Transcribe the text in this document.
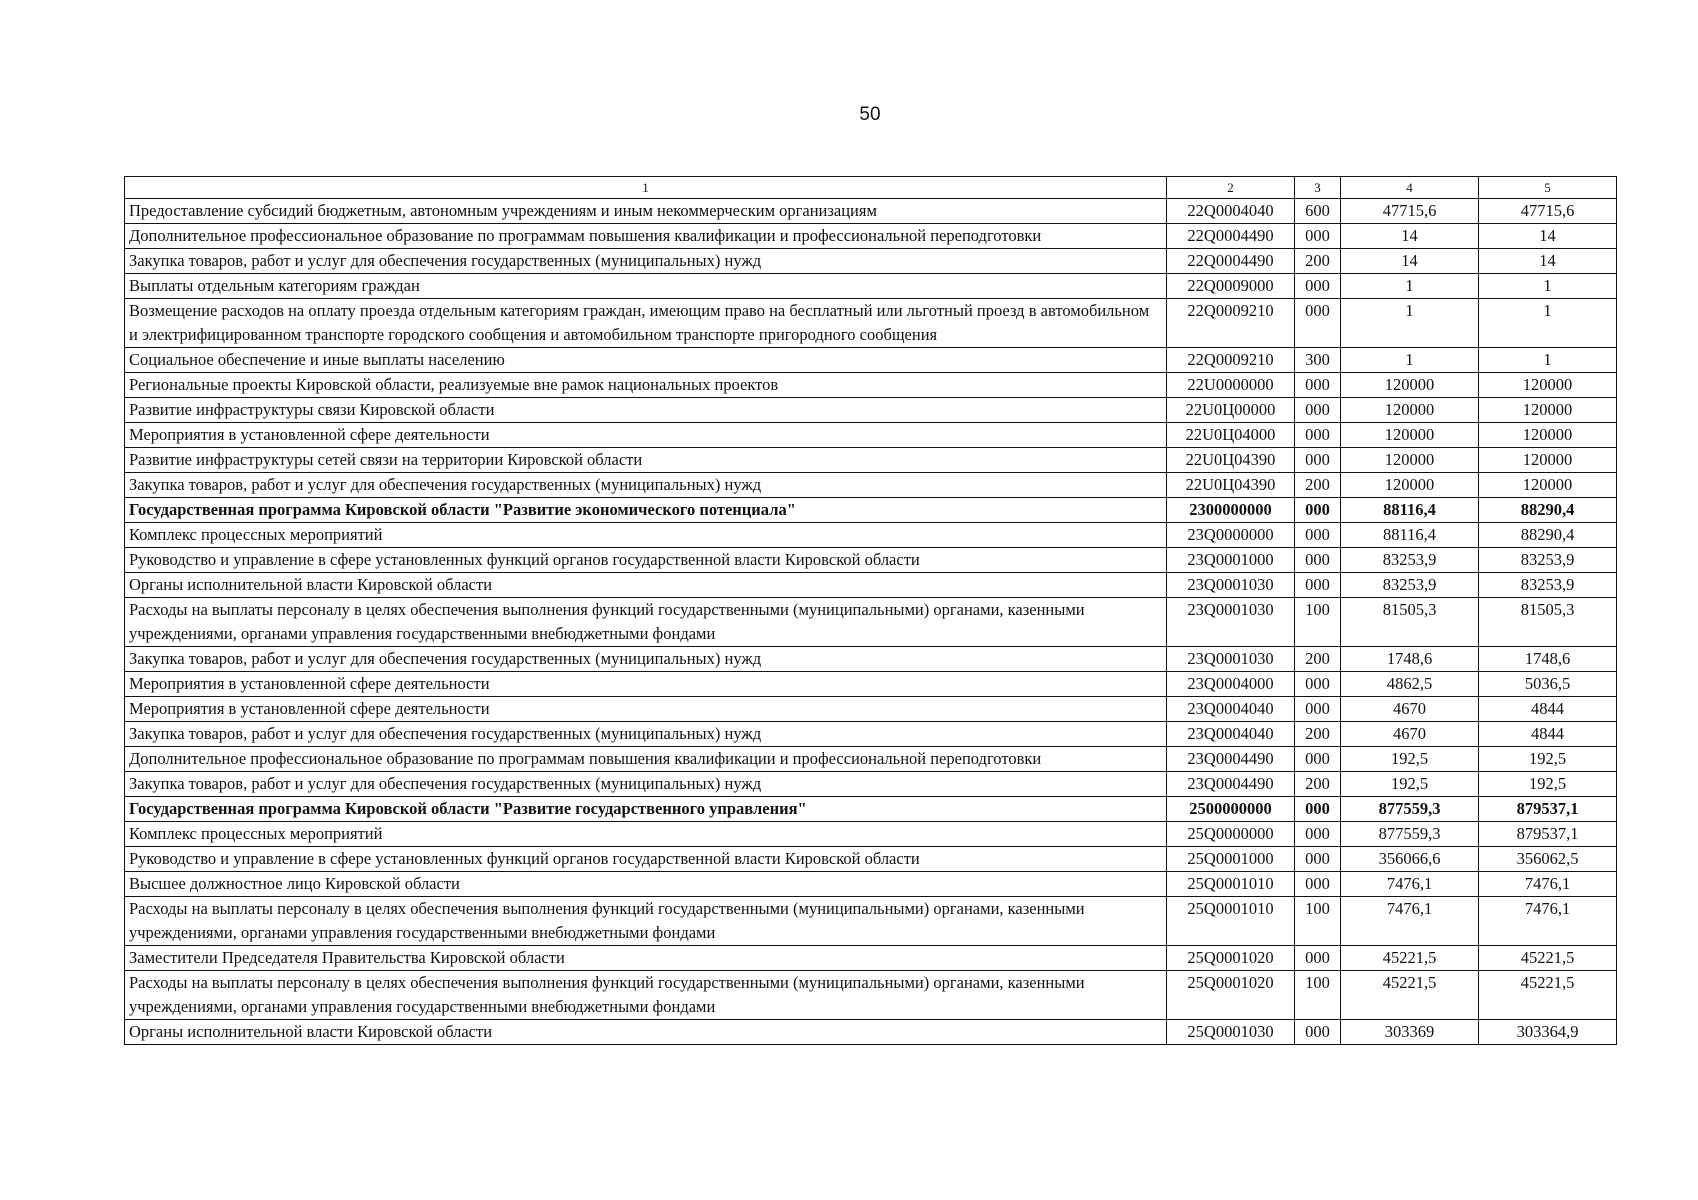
50
1	2	3	4	5
Предоставление субсидий бюджетным, автономным учреждениям и иным некоммерческим организациям	22Q0004040	600	47715,6	47715,6
Дополнительное профессиональное образование по программам повышения квалификации и профессиональной переподготовки	22Q0004490	000	14	14
Закупка товаров, работ и услуг для обеспечения государственных (муниципальных) нужд	22Q0004490	200	14	14
Выплаты отдельным категориям граждан	22Q0009000	000	1	1
Возмещение расходов на оплату проезда отдельным категориям граждан, имеющим право на бесплатный или льготный проезд в автомобильном и электрифицированном транспорте городского сообщения и автомобильном транспорте пригородного сообщения	22Q0009210	000	1	1
Социальное обеспечение и иные выплаты населению	22Q0009210	300	1	1
Региональные проекты Кировской области, реализуемые вне рамок национальных проектов	22U0000000	000	120000	120000
Развитие инфраструктуры связи Кировской области	22U0Ц00000	000	120000	120000
Мероприятия в установленной сфере деятельности	22U0Ц04000	000	120000	120000
Развитие инфраструктуры сетей связи на территории Кировской области	22U0Ц04390	000	120000	120000
Закупка товаров, работ и услуг для обеспечения государственных (муниципальных) нужд	22U0Ц04390	200	120000	120000
Государственная программа Кировской области "Развитие экономического потенциала"	2300000000	000	88116,4	88290,4
Комплекс процессных мероприятий	23Q0000000	000	88116,4	88290,4
Руководство и управление в сфере установленных функций органов государственной власти Кировской области	23Q0001000	000	83253,9	83253,9
Органы исполнительной власти Кировской области	23Q0001030	000	83253,9	83253,9
Расходы на выплаты персоналу в целях обеспечения выполнения функций государственными (муниципальными) органами, казенными учреждениями, органами управления государственными внебюджетными фондами	23Q0001030	100	81505,3	81505,3
Закупка товаров, работ и услуг для обеспечения государственных (муниципальных) нужд	23Q0001030	200	1748,6	1748,6
Мероприятия в установленной сфере деятельности	23Q0004000	000	4862,5	5036,5
Мероприятия в установленной сфере деятельности	23Q0004040	000	4670	4844
Закупка товаров, работ и услуг для обеспечения государственных (муниципальных) нужд	23Q0004040	200	4670	4844
Дополнительное профессиональное образование по программам повышения квалификации и профессиональной переподготовки	23Q0004490	000	192,5	192,5
Закупка товаров, работ и услуг для обеспечения государственных (муниципальных) нужд	23Q0004490	200	192,5	192,5
Государственная программа Кировской области "Развитие государственного управления"	2500000000	000	877559,3	879537,1
Комплекс процессных мероприятий	25Q0000000	000	877559,3	879537,1
Руководство и управление в сфере установленных функций органов государственной власти Кировской области	25Q0001000	000	356066,6	356062,5
Высшее должностное лицо Кировской области	25Q0001010	000	7476,1	7476,1
Расходы на выплаты персоналу в целях обеспечения выполнения функций государственными (муниципальными) органами, казенными учреждениями, органами управления государственными внебюджетными фондами	25Q0001010	100	7476,1	7476,1
Заместители Председателя Правительства Кировской области	25Q0001020	000	45221,5	45221,5
Расходы на выплаты персоналу в целях обеспечения выполнения функций государственными (муниципальными) органами, казенными учреждениями, органами управления государственными внебюджетными фондами	25Q0001020	100	45221,5	45221,5
Органы исполнительной власти Кировской области	25Q0001030	000	303369	303364,9
